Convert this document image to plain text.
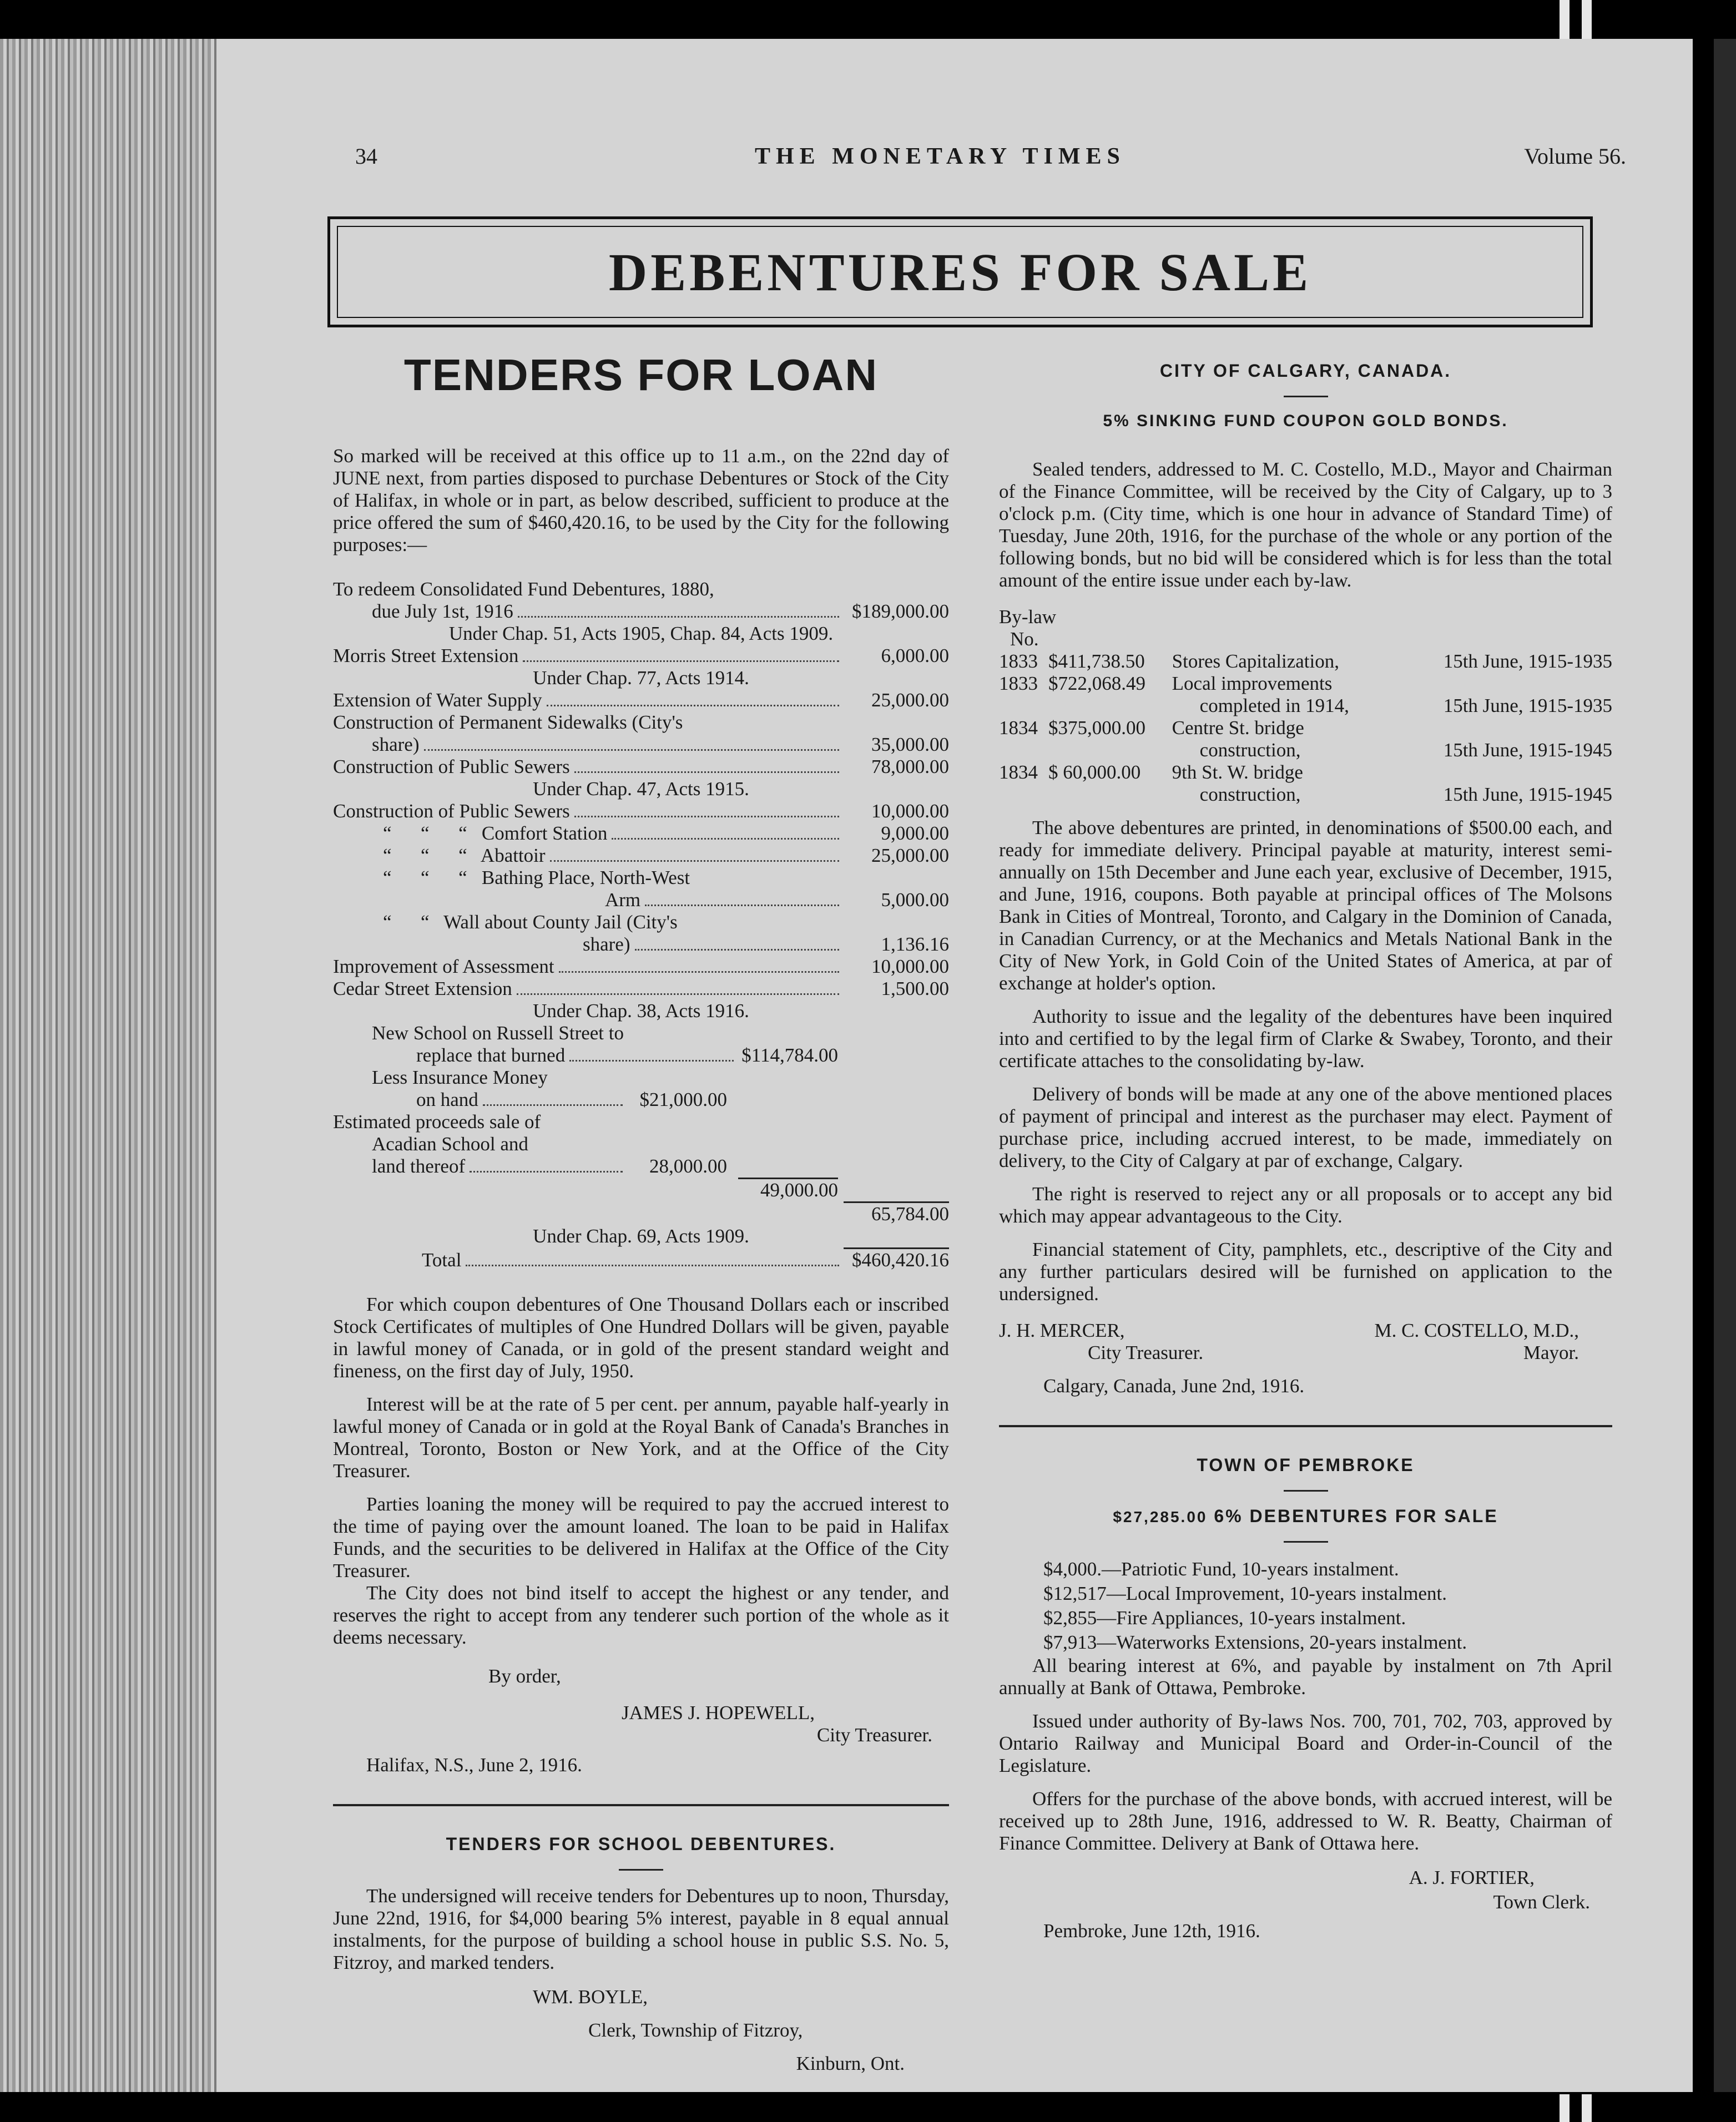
34	THE MONETARY TIMES	Volume 56.
DEBENTURES FOR SALE
TENDERS FOR LOAN

So marked will be received at this office up to 11 a.m., on the 22nd day of JUNE next, from parties disposed to purchase Debentures or Stock of the City of Halifax, in whole or in part, as below described, sufficient to produce at the price offered the sum of $460,420.16, to be used by the City for the following purposes:—

To redeem Consolidated Fund Debentures, 1880,
due July 1st, 1916	$189,000.00
Under Chap. 51, Acts 1905, Chap. 84, Acts 1909.
Morris Street Extension	6,000.00
Under Chap. 77, Acts 1914.
Extension of Water Supply	25,000.00
Construction of Permanent Sidewalks (City's
share)	35,000.00
Construction of Public Sewers	78,000.00
Under Chap. 47, Acts 1915.
Construction of Public Sewers	10,000.00
“      “      “   Comfort Station	9,000.00
“      “      “   Abattoir	25,000.00
“      “      “   Bathing Place, North-West
Arm	5,000.00
“      “   Wall about County Jail (City's
share)	1,136.16
Improvement of Assessment	10,000.00
Cedar Street Extension	1,500.00
Under Chap. 38, Acts 1916.
New School on Russell Street to
replace that burned	$114,784.00
Less Insurance Money
on hand	$21,000.00
Estimated proceeds sale of
Acadian School and
land thereof	28,000.00
49,000.00
65,784.00
Under Chap. 69, Acts 1909.
Total	$460,420.16

For which coupon debentures of One Thousand Dollars each or inscribed Stock Certificates of multiples of One Hundred Dollars will be given, payable in lawful money of Canada, or in gold of the present standard weight and fineness, on the first day of July, 1950.

Interest will be at the rate of 5 per cent. per annum, payable half-yearly in lawful money of Canada or in gold at the Royal Bank of Canada's Branches in Montreal, Toronto, Boston or New York, and at the Office of the City Treasurer.

Parties loaning the money will be required to pay the accrued interest to the time of paying over the amount loaned. The loan to be paid in Halifax Funds, and the securities to be delivered in Halifax at the Office of the City Treasurer.

The City does not bind itself to accept the highest or any tender, and reserves the right to accept from any tenderer such portion of the whole as it deems necessary.

By order,
JAMES J. HOPEWELL,
City Treasurer.
Halifax, N.S., June 2, 1916.
TENDERS FOR SCHOOL DEBENTURES.

The undersigned will receive tenders for Debentures up to noon, Thursday, June 22nd, 1916, for $4,000 bearing 5% interest, payable in 8 equal annual instalments, for the purpose of building a school house in public S.S. No. 5, Fitzroy, and marked tenders.

WM. BOYLE,
Clerk, Township of Fitzroy,
Kinburn, Ont.
CITY OF CALGARY, CANADA.
5% SINKING FUND COUPON GOLD BONDS.

Sealed tenders, addressed to M. C. Costello, M.D., Mayor and Chairman of the Finance Committee, will be received by the City of Calgary, up to 3 o'clock p.m. (City time, which is one hour in advance of Standard Time) of Tuesday, June 20th, 1916, for the purchase of the whole or any portion of the following bonds, but no bid will be considered which is for less than the total amount of the entire issue under each by-law.

By-law
No.
1833	$411,738.50	Stores Capitalization,	15th June, 1915-1935
1833	$722,068.49	Local improvements	
		completed in 1914,	15th June, 1915-1935
1834	$375,000.00	Centre St. bridge	
		construction,	15th June, 1915-1945
1834	$ 60,000.00	9th St. W. bridge	
		construction,	15th June, 1915-1945

The above debentures are printed, in denominations of $500.00 each, and ready for immediate delivery. Principal payable at maturity, interest semi-annually on 15th December and June each year, exclusive of December, 1915, and June, 1916, coupons. Both payable at principal offices of The Molsons Bank in Cities of Montreal, Toronto, and Calgary in the Dominion of Canada, in Canadian Currency, or at the Mechanics and Metals National Bank in the City of New York, in Gold Coin of the United States of America, at par of exchange at holder's option.

Authority to issue and the legality of the debentures have been inquired into and certified to by the legal firm of Clarke & Swabey, Toronto, and their certificate attaches to the consolidating by-law.

Delivery of bonds will be made at any one of the above mentioned places of payment of principal and interest as the purchaser may elect. Payment of purchase price, including accrued interest, to be made, immediately on delivery, to the City of Calgary at par of exchange, Calgary.

The right is reserved to reject any or all proposals or to accept any bid which may appear advantageous to the City.

Financial statement of City, pamphlets, etc., descriptive of the City and any further particulars desired will be furnished on application to the undersigned.

J. H. MERCER,	M. C. COSTELLO, M.D.,
City Treasurer.	Mayor.
Calgary, Canada, June 2nd, 1916.
TOWN OF PEMBROKE
$27,285.00 6% DEBENTURES FOR SALE
$4,000.—Patriotic Fund, 10-years instalment.
$12,517—Local Improvement, 10-years instalment.
$2,855—Fire Appliances, 10-years instalment.
$7,913—Waterworks Extensions, 20-years instalment.

All bearing interest at 6%, and payable by instalment on 7th April annually at Bank of Ottawa, Pembroke.

Issued under authority of By-laws Nos. 700, 701, 702, 703, approved by Ontario Railway and Municipal Board and Order-in-Council of the Legislature.

Offers for the purchase of the above bonds, with accrued interest, will be received up to 28th June, 1916, addressed to W. R. Beatty, Chairman of Finance Committee. Delivery at Bank of Ottawa here.

A. J. FORTIER,
Town Clerk.
Pembroke, June 12th, 1916.
